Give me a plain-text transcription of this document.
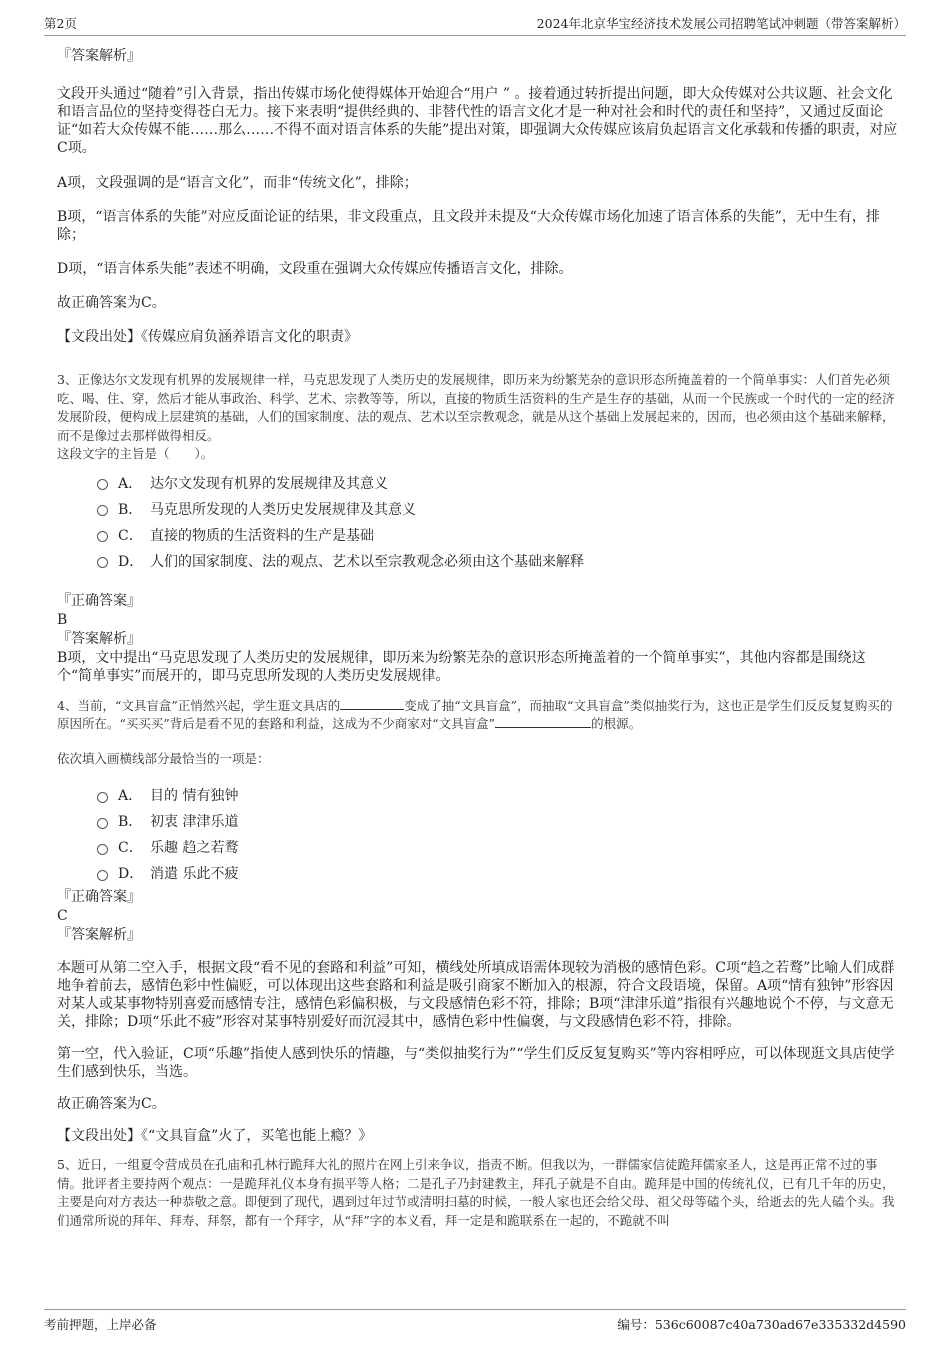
第2页	2024年北京华宝经济技术发展公司招聘笔试冲刺题（带答案解析）

『答案解析』

文段开头通过“随着”引入背景，指出传媒市场化使得媒体开始迎合“用户 ” 。接着通过转折提出问题，即大众传媒对公共议题、社会文化和语言品位的坚持变得苍白无力。接下来表明“提供经典的、非替代性的语言文化才是一种对社会和时代的责任和坚持”，又通过反面论证“如若大众传媒不能……那么……不得不面对语言体系的失能”提出对策，即强调大众传媒应该肩负起语言文化承载和传播的职责，对应C项。

A项，文段强调的是“语言文化”，而非“传统文化”，排除；

B项，“语言体系的失能”对应反面论证的结果，非文段重点，且文段并未提及“大众传媒市场化加速了语言体系的失能”，无中生有，排除；

D项，“语言体系失能”表述不明确，文段重在强调大众传媒应传播语言文化，排除。

故正确答案为C。

【文段出处】《传媒应肩负涵养语言文化的职责》

3、正像达尔文发现有机界的发展规律一样，马克思发现了人类历史的发展规律，即历来为纷繁芜杂的意识形态所掩盖着的一个简单事实：人们首先必须吃、喝、住、穿，然后才能从事政治、科学、艺术、宗教等等，所以，直接的物质生活资料的生产是生存的基础，从而一个民族或一个时代的一定的经济发展阶段，便构成上层建筑的基础，人们的国家制度、法的观点、艺术以至宗教观念，就是从这个基础上发展起来的，因而，也必须由这个基础来解释，而不是像过去那样做得相反。

这段文字的主旨是（　　）。

A． 达尔文发现有机界的发展规律及其意义
B． 马克思所发现的人类历史发展规律及其意义
C． 直接的物质的生活资料的生产是基础
D． 人们的国家制度、法的观点、艺术以至宗教观念必须由这个基础来解释

『正确答案』

B

『答案解析』

B项，文中提出“马克思发现了人类历史的发展规律，即历来为纷繁芜杂的意识形态所掩盖着的一个简单事实”，其他内容都是围绕这个“简单事实”而展开的，即马克思所发现的人类历史发展规律。

4、当前，“文具盲盒”正悄然兴起，学生逛文具店的	变成了抽“文具盲盒”，而抽取“文具盲盒”类似抽奖行为，这也正是学生们反反复复购买的原因所在。“买买买”背后是看不见的套路和利益，这成为不少商家对“文具盲盒”	的根源。

依次填入画横线部分最恰当的一项是：

A． 目的 情有独钟
B． 初衷 津津乐道
C． 乐趣 趋之若鹜
D． 消遣 乐此不疲

『正确答案』

C

『答案解析』

本题可从第二空入手，根据文段“看不见的套路和利益”可知，横线处所填成语需体现较为消极的感情色彩。C项“趋之若鹜”比喻人们成群地争着前去，感情色彩中性偏贬，可以体现出这些套路和利益是吸引商家不断加入的根源，符合文段语境，保留。A项“情有独钟”形容因对某人或某事物特别喜爱而感情专注，感情色彩偏积极，与文段感情色彩不符，排除；B项“津津乐道”指很有兴趣地说个不停，与文意无关，排除；D项“乐此不疲”形容对某事特别爱好而沉浸其中，感情色彩中性偏褒，与文段感情色彩不符，排除。

第一空，代入验证，C项“乐趣”指使人感到快乐的情趣，与“类似抽奖行为”“学生们反反复复购买”等内容相呼应，可以体现逛文具店使学生们感到快乐，当选。

故正确答案为C。

【文段出处】《“文具盲盒”火了，买笔也能上瘾？》

5、近日，一组夏令营成员在孔庙和孔林行跪拜大礼的照片在网上引来争议，指责不断。但我以为，一群儒家信徒跪拜儒家圣人，这是再正常不过的事情。批评者主要持两个观点：一是跪拜礼仪本身有损平等人格；二是孔子乃封建教主，拜孔子就是不自由。跪拜是中国的传统礼仪，已有几千年的历史，主要是向对方表达一种恭敬之意。即便到了现代，遇到过年过节或清明扫墓的时候，一般人家也还会给父母、祖父母等磕个头，给逝去的先人磕个头。我们通常所说的拜年、拜寿、拜祭，都有一个拜字，从“拜”字的本义看，拜一定是和跪联系在一起的，不跪就不叫

考前押题，上岸必备	编号：536c60087c40a730ad67e335332d4590
